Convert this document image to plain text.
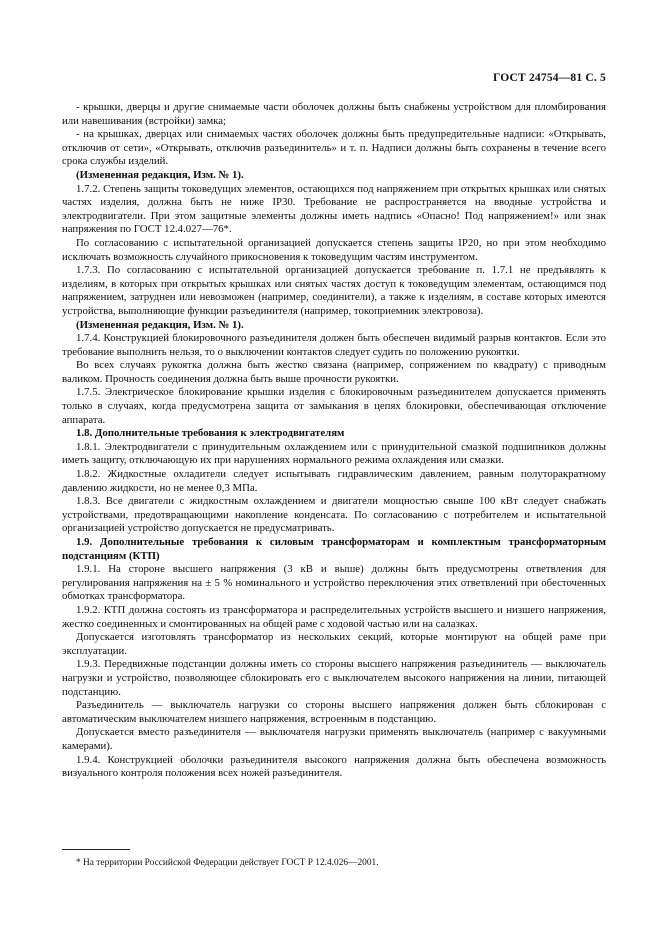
ГОСТ 24754—81 С. 5

- крышки, дверцы и другие снимаемые части оболочек должны быть снабжены устройством для пломбирования или навешивания (встройки) замка;

- на крышках, дверцах или снимаемых частях оболочек должны быть предупредительные надписи: «Открывать, отключив от сети», «Открывать, отключив разъединитель» и т. п. Надписи должны быть сохранены в течение всего срока службы изделий.

(Измененная редакция, Изм. № 1).

1.7.2. Степень защиты токоведущих элементов, остающихся под напряжением при открытых крышках или снятых частях изделия, должна быть не ниже IP30. Требование не распространяется на вводные устройства и электродвигатели. При этом защитные элементы должны иметь надпись «Опасно! Под напряжением!» или знак напряжения по ГОСТ 12.4.027—76*.

По согласованию с испытательной организацией допускается степень защиты IP20, но при этом необходимо исключать возможность случайного прикосновения к токоведущим частям инструментом.

1.7.3. По согласованию с испытательной организацией допускается требование п. 1.7.1 не предъявлять к изделиям, в которых при открытых крышках или снятых частях доступ к токоведущим элементам, остающимся под напряжением, затруднен или невозможен (например, соединители), а также к изделиям, в составе которых имеются устройства, выполняющие функции разъединителя (например, токоприемник электровоза).

(Измененная редакция, Изм. № 1).

1.7.4. Конструкцией блокировочного разъединителя должен быть обеспечен видимый разрыв контактов. Если это требование выполнить нельзя, то о выключении контактов следует судить по положению рукоятки.

Во всех случаях рукоятка должна быть жестко связана (например, сопряжением по квадрату) с приводным валиком. Прочность соединения должна быть выше прочности рукоятки.

1.7.5. Электрическое блокирование крышки изделия с блокировочным разъединителем допускается применять только в случаях, когда предусмотрена защита от замыкания в цепях блокировки, обеспечивающая отключение аппарата.

1.8. Дополнительные требования к электродвигателям

1.8.1. Электродвигатели с принудительным охлаждением или с принудительной смазкой подшипников должны иметь защиту, отключающую их при нарушениях нормального режима охлаждения или смазки.

1.8.2. Жидкостные охладители следует испытывать гидравлическим давлением, равным полуторакратному давлению жидкости, но не менее 0,3 МПа.

1.8.3. Все двигатели с жидкостным охлаждением и двигатели мощностью свыше 100 кВт следует снабжать устройствами, предотвращающими накопление конденсата. По согласованию с потребителем и испытательной организацией устройство допускается не предусматривать.

1.9. Дополнительные требования к силовым трансформаторам и комплектным трансформаторным подстанциям (КТП)

1.9.1. На стороне высшего напряжения (3 кВ и выше) должны быть предусмотрены ответвления для регулирования напряжения на ± 5 % номинального и устройство переключения этих ответвлений при обесточенных обмотках трансформатора.

1.9.2. КТП должна состоять из трансформатора и распределительных устройств высшего и низшего напряжения, жестко соединенных и смонтированных на общей раме с ходовой частью или на салазках.

Допускается изготовлять трансформатор из нескольких секций, которые монтируют на общей раме при эксплуатации.

1.9.3. Передвижные подстанции должны иметь со стороны высшего напряжения разъединитель — выключатель нагрузки и устройство, позволяющее сблокировать его с выключателем высокого напряжения на линии, питающей подстанцию.

Разъединитель — выключатель нагрузки со стороны высшего напряжения должен быть сблокирован с автоматическим выключателем низшего напряжения, встроенным в подстанцию.

Допускается вместо разъединителя — выключателя нагрузки применять выключатель (например с вакуумными камерами).

1.9.4. Конструкцией оболочки разъединителя высокого напряжения должна быть обеспечена возможность визуального контроля положения всех ножей разъединителя.

* На территории Российской Федерации действует ГОСТ Р 12.4.026—2001.
